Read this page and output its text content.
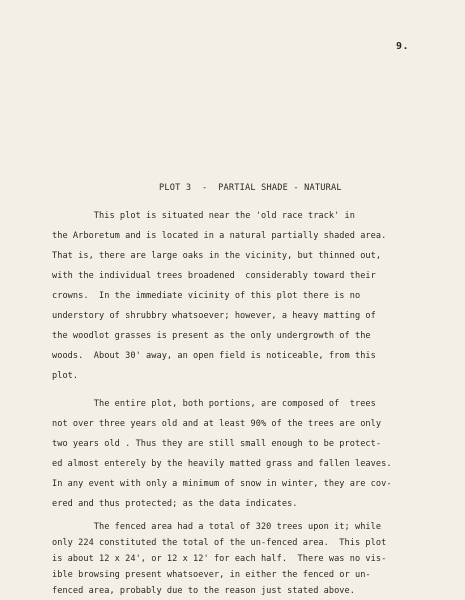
9.
PLOT 3  -  PARTIAL SHADE - NATURAL
This plot is situated near the 'old race track' in
the Arboretum and is located in a natural partially shaded area.
That is, there are large oaks in the vicinity, but thinned out,
with the individual trees broadened  considerably toward their
crowns.  In the immediate vicinity of this plot there is no
understory of shrubbry whatsoever; however, a heavy matting of
the woodlot grasses is present as the only undergrowth of the
woods.  About 30' away, an open field is noticeable, from this
plot.
The entire plot, both portions, are composed of  trees
not over three years old and at least 90% of the trees are only
two years old . Thus they are still small enough to be protect-
ed almost enterely by the heavily matted grass and fallen leaves.
In any event with only a minimum of snow in winter, they are cov-
ered and thus protected; as the data indicates.
The fenced area had a total of 320 trees upon it; while
only 224 constituted the total of the un-fenced area.  This plot
is about 12 x 24', or 12 x 12' for each half.  There was no vis-
ible browsing present whatsoever, in either the fenced or un-
fenced area, probably due to the reason just stated above.
